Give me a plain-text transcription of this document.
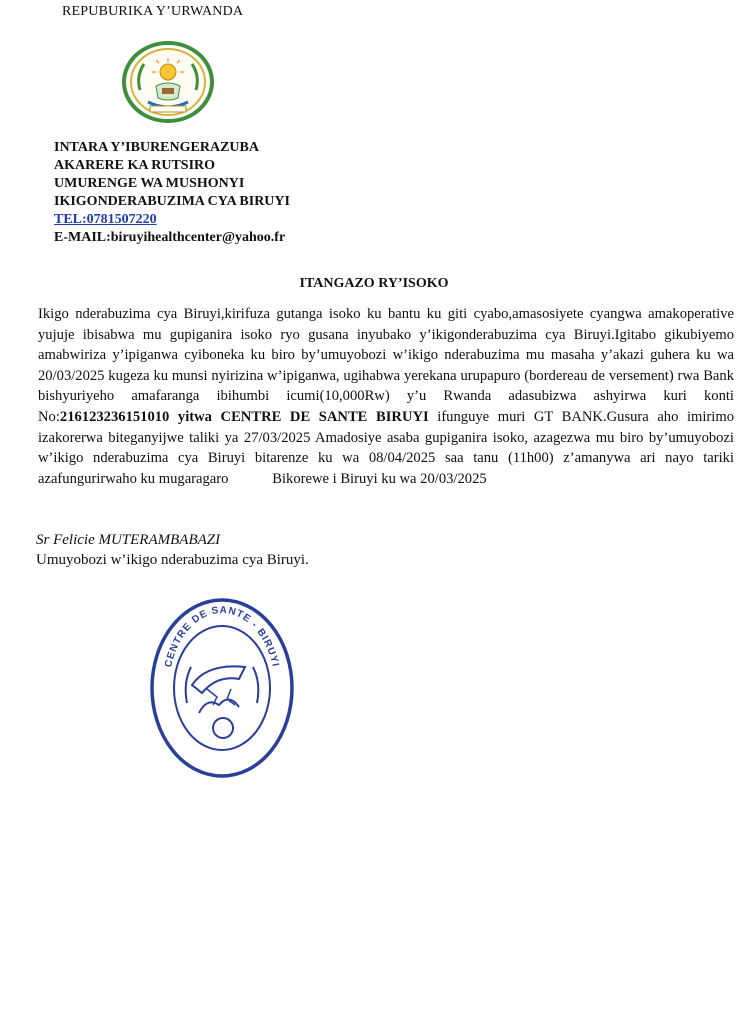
REPUBURIKA Y’URWANDA
INTARA Y’IBURENGERAZUBA
AKARERE KA RUTSIRO
UMURENGE WA MUSHONYI
IKIGONDERABUZIMA CYA BIRUYI
TEL:0781507220
E-MAIL:biruyihealthcenter@yahoo.fr
ITANGAZO RY’ISOKO

Ikigo nderabuzima cya Biruyi,kirifuza gutanga isoko ku bantu ku giti cyabo,amasosiyete cyangwa amakoperative yujuje ibisabwa mu gupiganira isoko ryo gusana inyubako y’ikigonderabuzima cya Biruyi.Igitabo gikubiyemo amabwiriza y’ipiganwa cyiboneka ku biro by’umuyobozi w’ikigo nderabuzima mu masaha y’akazi guhera ku wa 20/03/2025 kugeza ku munsi nyirizina w’ipiganwa, ugihabwa yerekana urupapuro (bordereau de versement) rwa Bank bishyuriyeho amafaranga ibihumbi icumi(10,000Rw) y’u Rwanda adasubizwa ashyirwa kuri konti No:216123236151010 yitwa CENTRE DE SANTE BIRUYI ifunguye muri GT BANK.Gusura aho imirimo izakorerwa biteganyijwe taliki ya 27/03/2025 Amadosiye asaba gupiganira isoko, azagezwa mu biro by’umuyobozi w’ikigo nderabuzima cya Biruyi bitarenze ku wa 08/04/2025 saa tanu (11h00) z’amanywa ari nayo tariki azafungurirwaho ku mugaragaro	Bikorewe i Biruyi ku wa 20/03/2025

Sr Felicie MUTERAMBABAZI
Umuyobozi w’ikigo nderabuzima cya Biruyi.
CENTRE DE SANTE - BIRUYI
